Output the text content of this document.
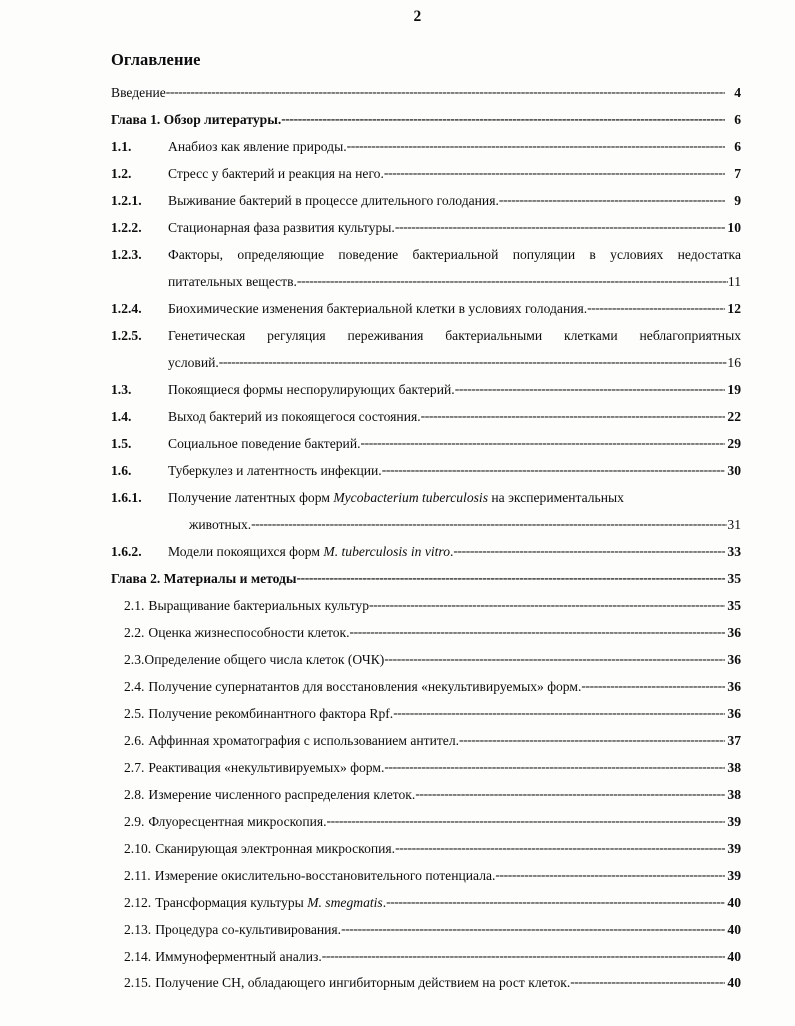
2
Оглавление
Введение -----	4
Глава 1. Обзор литературы. -----	6
1.1.	Анабиоз как явление природы. -----	6
1.2.	Стресс у бактерий и реакция на него. -----	7
1.2.1.	Выживание бактерий в процессе длительного голодания. -----	9
1.2.2.	Стационарная фаза развития культуры. -----	10
1.2.3.	Факторы, определяющие поведение бактериальной популяции в условиях недостатка
питательных веществ. -----	11
1.2.4.	Биохимические изменения бактериальной клетки в условиях голодания. -----	12
1.2.5.	Генетическая регуляция переживания бактериальными клетками неблагоприятных
условий. -----	16
1.3.	Покоящиеся формы неспорулирующих бактерий. -----	19
1.4.	Выход бактерий из покоящегося состояния. -----	22
1.5.	Социальное поведение бактерий. -----	29
1.6.	Туберкулез и латентность инфекции. -----	30
1.6.1.	Получение латентных форм Mycobacterium tuberculosis на экспериментальных
животных. -----	31
1.6.2.	Модели покоящихся форм M. tuberculosis in vitro. -----	33
Глава 2. Материалы и методы -----	35
2.1. Выращивание бактериальных культур -----	35
2.2. Оценка жизнеспособности клеток. -----	36
2.3. Определение общего числа клеток (ОЧК) -----	36
2.4. Получение супернатантов для восстановления «некультивируемых» форм. -----	36
2.5. Получение рекомбинантного фактора Rpf. -----	36
2.6. Аффинная хроматография с использованием антител. -----	37
2.7. Реактивация «некультивируемых» форм. -----	38
2.8. Измерение численного распределения клеток. -----	38
2.9. Флуоресцентная микроскопия. -----	39
2.10. Сканирующая электронная микроскопия. -----	39
2.11. Измерение окислительно-восстановительного потенциала. -----	39
2.12. Трансформация культуры M. smegmatis. -----	40
2.13. Процедура со-культивирования. -----	40
2.14. Иммуноферментный анализ. -----	40
2.15. Получение СН, обладающего ингибиторным действием на рост клеток. -----	40
